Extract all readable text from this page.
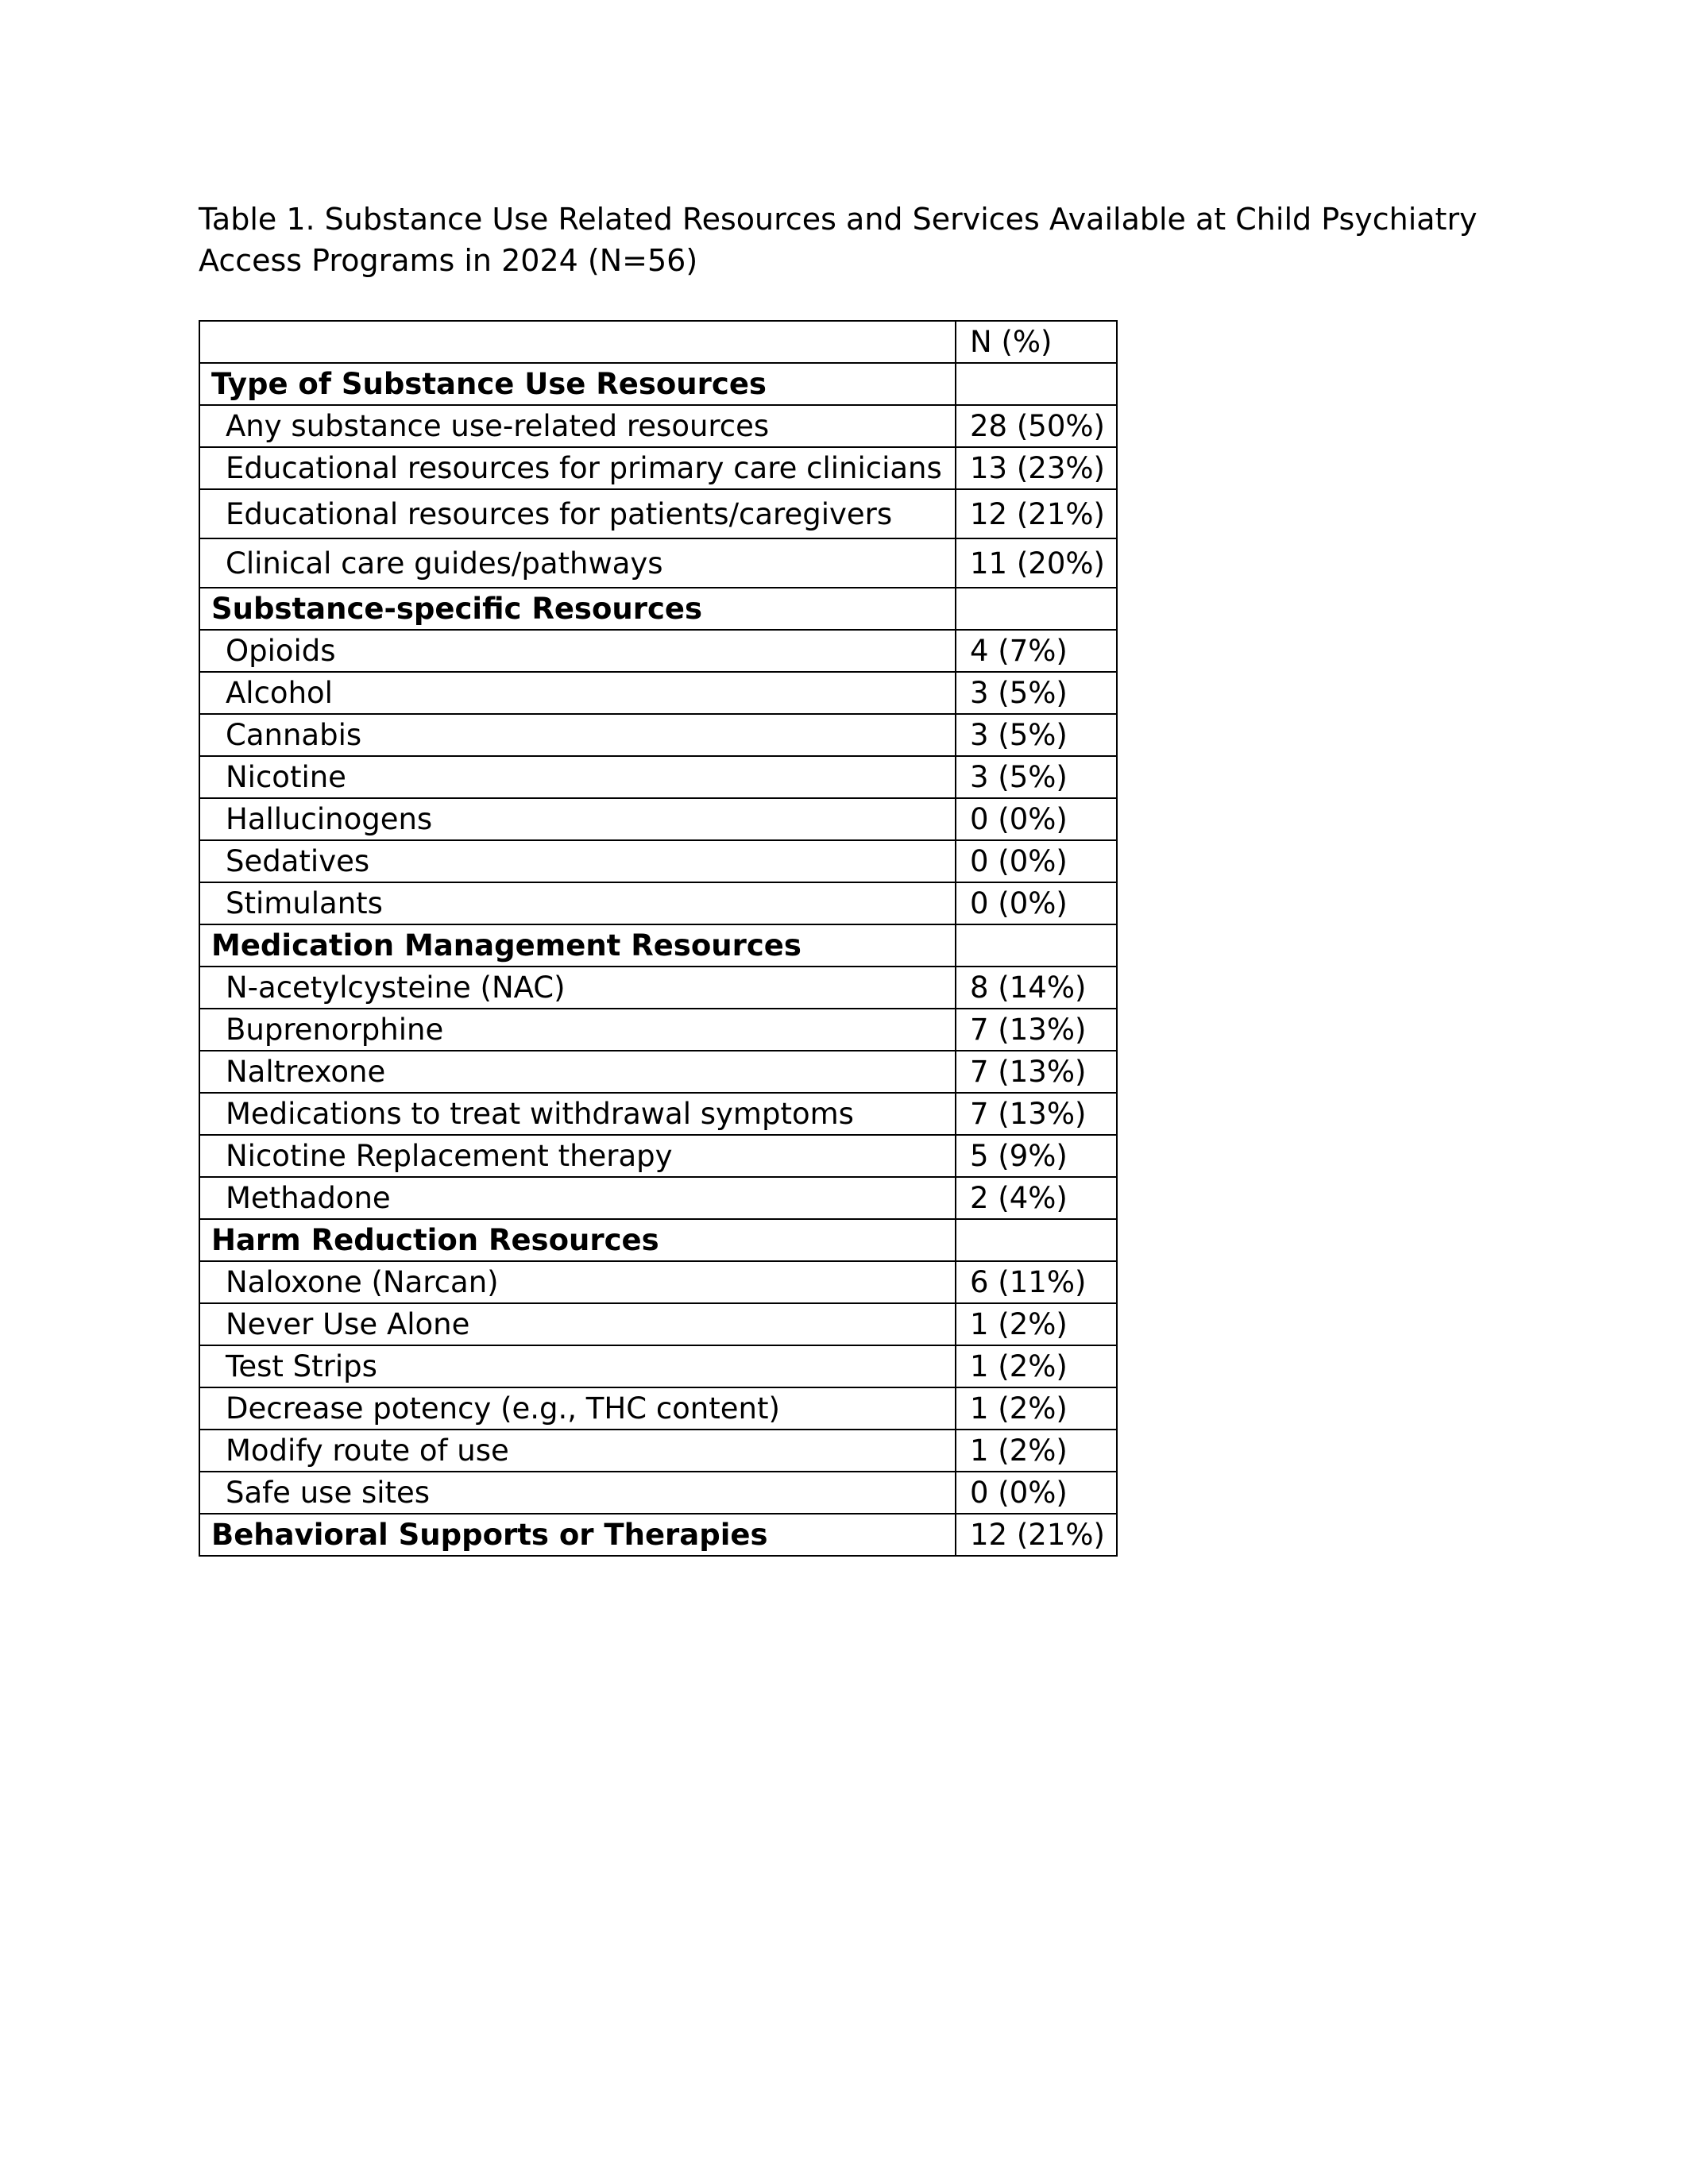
Table 1. Substance Use Related Resources and Services Available at Child Psychiatry
Access Programs in 2024 (N=56)
	N (%)
Type of Substance Use Resources	
Any substance use-related resources	28 (50%)
Educational resources for primary care clinicians	13 (23%)
Educational resources for patients/caregivers	12 (21%)
Clinical care guides/pathways	11 (20%)
Substance-specific Resources	
Opioids	4 (7%)
Alcohol	3 (5%)
Cannabis	3 (5%)
Nicotine	3 (5%)
Hallucinogens	0 (0%)
Sedatives	0 (0%)
Stimulants	0 (0%)
Medication Management Resources	
N-acetylcysteine (NAC)	8 (14%)
Buprenorphine	7 (13%)
Naltrexone	7 (13%)
Medications to treat withdrawal symptoms	7 (13%)
Nicotine Replacement therapy	5 (9%)
Methadone	2 (4%)
Harm Reduction Resources	
Naloxone (Narcan)	6 (11%)
Never Use Alone	1 (2%)
Test Strips	1 (2%)
Decrease potency (e.g., THC content)	1 (2%)
Modify route of use	1 (2%)
Safe use sites	0 (0%)
Behavioral Supports or Therapies	12 (21%)
